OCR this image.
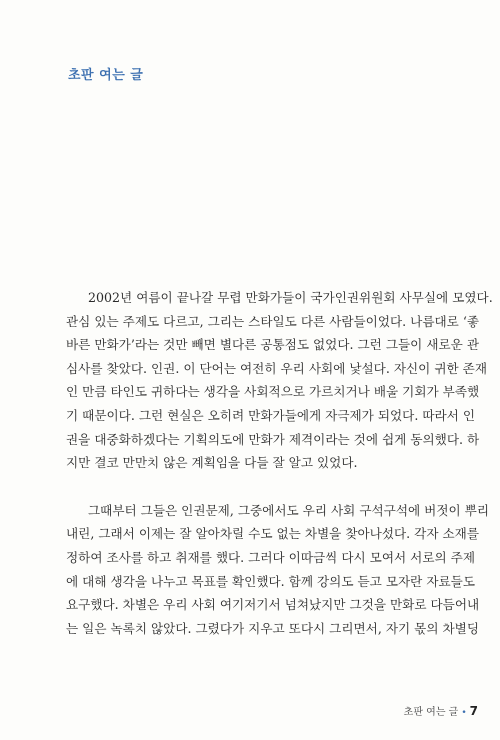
초판 여는 글
2002년 여름이 끝나갈 무렵 만화가들이 국가인권위원회 사무실에 모였다.
관심 있는 주제도 다르고, 그리는 스타일도 다른 사람들이었다. 나름대로 ‘좋
바른 만화가’라는 것만 빼면 별다른 공통점도 없었다. 그런 그들이 새로운 관
심사를 찾았다. 인권. 이 단어는 여전히 우리 사회에 낯설다. 자신이 귀한 존재
인 만큼 타인도 귀하다는 생각을 사회적으로 가르치거나 배울 기회가 부족했
기 때문이다. 그런 현실은 오히려 만화가들에게 자극제가 되었다. 따라서 인
권을 대중화하겠다는 기획의도에 만화가 제격이라는 것에 쉽게 동의했다. 하
지만 결코 만만치 않은 계획임을 다들 잘 알고 있었다.
그때부터 그들은 인권문제, 그중에서도 우리 사회 구석구석에 버젓이 뿌리
내린, 그래서 이제는 잘 알아차릴 수도 없는 차별을 찾아나섰다. 각자 소재를
정하여 조사를 하고 취재를 했다. 그러다 이따금씩 다시 모여서 서로의 주제
에 대해 생각을 나누고 목표를 확인했다. 함께 강의도 듣고 모자란 자료들도
요구했다. 차별은 우리 사회 여기저기서 넘쳐났지만 그것을 만화로 다듬어내
는 일은 녹록치 않았다. 그렸다가 지우고 또다시 그리면서, 자기 몫의 차별딩
초판 여는 글 • 7
